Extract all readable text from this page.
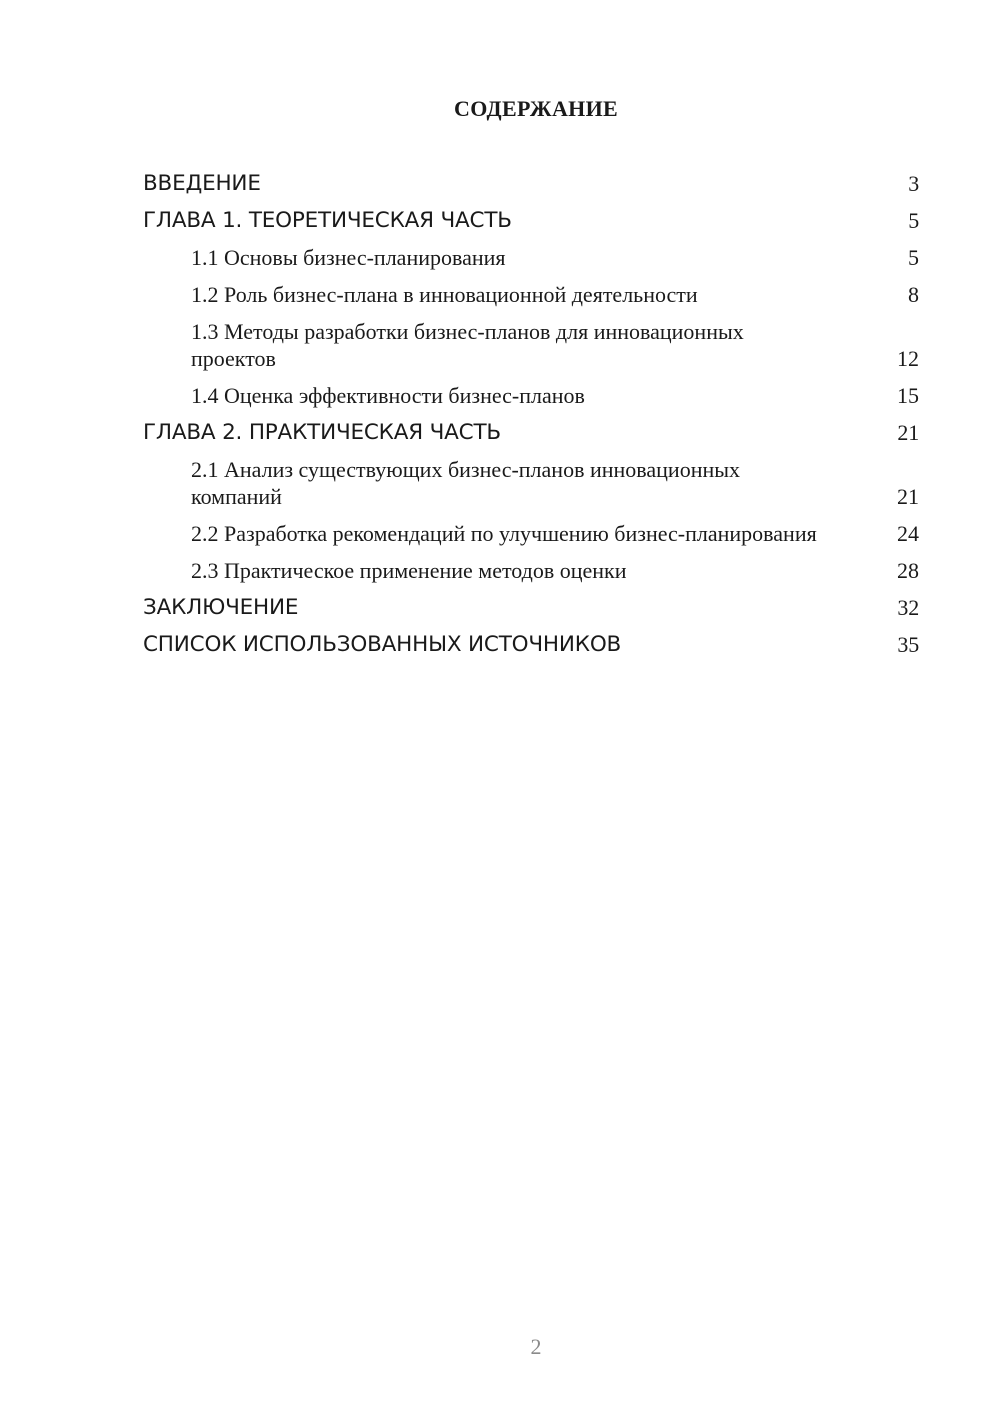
СОДЕРЖАНИЕ
ВВЕДЕНИЕ	3
ГЛАВА 1. ТЕОРЕТИЧЕСКАЯ ЧАСТЬ	5
1.1 Основы бизнес-планирования	5
1.2 Роль бизнес-плана в инновационной деятельности	8
1.3 Методы разработки бизнес-планов для инновационных проектов	12
1.4 Оценка эффективности бизнес-планов	15
ГЛАВА 2. ПРАКТИЧЕСКАЯ ЧАСТЬ	21
2.1 Анализ существующих бизнес-планов инновационных компаний	21
2.2 Разработка рекомендаций по улучшению бизнес-планирования	24
2.3 Практическое применение методов оценки	28
ЗАКЛЮЧЕНИЕ	32
СПИСОК ИСПОЛЬЗОВАННЫХ ИСТОЧНИКОВ	35
2
